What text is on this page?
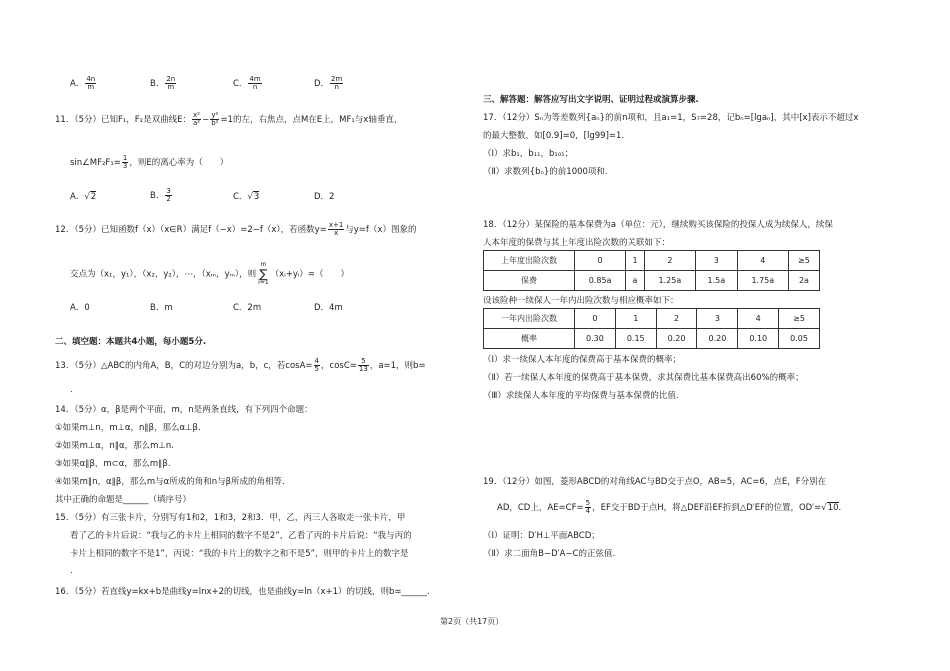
A． $\frac{4n}{m}$	B． $\frac{2n}{m}$	C． $\frac{4m}{n}$	D． $\frac{2m}{n}$
11．（5分）已知F₁，F₂是双曲线E： $\frac{\text{x²}}{\text{a²}} - \frac{\text{y²}}{\text{b²}} =1$的左，右焦点，点M在E上，MF₁与x轴垂直，
sin∠MF₂F₁= $\frac{1}{3}$ ，则E的离心率为（　　）
A．√2	B． $\frac{3}{2}$	C．√3	D．2
12．（5分）已知函数f（x）（x∈R）满足f（−x）=2−f（x），若函数$y= \frac{x+1}{x}$ 与y=f（x）图象的
交点为（x₁，y₁），（x₂，y₂），⋯，（xₘ，yₘ），则
m
∑
i=1
（xᵢ+yᵢ）=（　　）
A．0	B．m	C．2m	D．4m
二、填空题：本题共4小题，每小题5分.
13．（5分）△ABC的内角A，B，C的对边分别为a，b，c，若$\cos A= \frac{4}{5}$ ，$\cos C= \frac{5}{13}$ ，a=1，则b=
.
14．（5分）α，β是两个平面，m，n是两条直线，有下列四个命题：
①如果m⊥n，m⊥α，n∥β，那么α⊥β.
②如果m⊥α，n∥α，那么m⊥n.
③如果α∥β，m⊂α，那么m∥β.
④如果m∥n，α∥β，那么m与α所成的角和n与β所成的角相等.
其中正确的命题是______（填序号）
15．（5分）有三张卡片，分别写有1和2，1和3，2和3．甲，乙，丙三人各取走一张卡片，甲
看了乙的卡片后说：“我与乙的卡片上相同的数字不是2”，乙看了丙的卡片后说：“我与丙的
卡片上相同的数字不是1”，丙说：“我的卡片上的数字之和不是5”，则甲的卡片上的数字是
.
16．（5分）若直线y=kx+b是曲线y=lnx+2的切线，也是曲线y=ln（x+1）的切线，则b=______.
三、解答题：解答应写出文字说明、证明过程或演算步骤.
17．（12分）Sₙ为等差数列{aₙ}的前n项和，且a₁=1，S₇=28，记bₙ=[lgaₙ]，其中[x]表示不超过x
的最大整数，如[0.9]=0，[lg99]=1.
（Ⅰ）求b₁，b₁₁，b₁₀₁；
（Ⅱ）求数列{bₙ}的前1000项和.
18．（12分）某保险的基本保费为a（单位：元），继续购买该保险的投保人成为续保人，续保
人本年度的保费与其上年度出险次数的关联如下：
上年度出险次数	0	1	2	3	4	≥5
保费	0.85a	a	1.25a	1.5a	1.75a	2a
设该险种一续保人一年内出险次数与相应概率如下：
一年内出险次数	0	1	2	3	4	≥5
概率	0.30	0.15	0.20	0.20	0.10	0.05
（Ⅰ）求一续保人本年度的保费高于基本保费的概率；
（Ⅱ）若一续保人本年度的保费高于基本保费，求其保费比基本保费高出60%的概率；
（Ⅲ）求续保人本年度的平均保费与基本保费的比值.
19．（12分）如图，菱形ABCD的对角线AC与BD交于点O，AB=5，AC=6，点E，F分别在
AD，CD上，$AE=CF= \frac{5}{4}$ ，EF交于BD于点H，将△DEF沿EF折到△D′EF的位置，OD′=√10.
（Ⅰ）证明：D′H⊥平面ABCD；
（Ⅱ）求二面角B−D′A−C的正弦值.
第2页（共17页）
